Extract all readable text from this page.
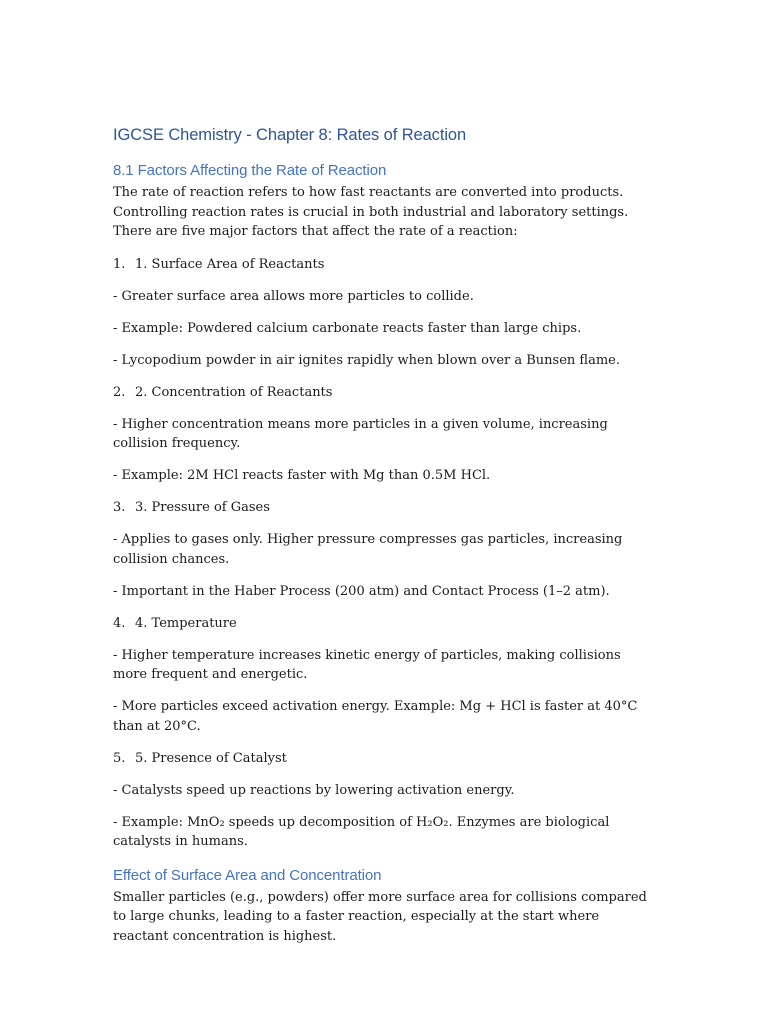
IGCSE Chemistry - Chapter 8: Rates of Reaction
8.1 Factors Affecting the Rate of Reaction
The rate of reaction refers to how fast reactants are converted into products. Controlling reaction rates is crucial in both industrial and laboratory settings. There are five major factors that affect the rate of a reaction:
1. 1. Surface Area of Reactants
- Greater surface area allows more particles to collide.
- Example: Powdered calcium carbonate reacts faster than large chips.
- Lycopodium powder in air ignites rapidly when blown over a Bunsen flame.
2. 2. Concentration of Reactants
- Higher concentration means more particles in a given volume, increasing collision frequency.
- Example: 2M HCl reacts faster with Mg than 0.5M HCl.
3. 3. Pressure of Gases
- Applies to gases only. Higher pressure compresses gas particles, increasing collision chances.
- Important in the Haber Process (200 atm) and Contact Process (1–2 atm).
4. 4. Temperature
- Higher temperature increases kinetic energy of particles, making collisions more frequent and energetic.
- More particles exceed activation energy. Example: Mg + HCl is faster at 40°C than at 20°C.
5. 5. Presence of Catalyst
- Catalysts speed up reactions by lowering activation energy.
- Example: MnO₂ speeds up decomposition of H₂O₂. Enzymes are biological catalysts in humans.
Effect of Surface Area and Concentration
Smaller particles (e.g., powders) offer more surface area for collisions compared to large chunks, leading to a faster reaction, especially at the start where reactant concentration is highest.
